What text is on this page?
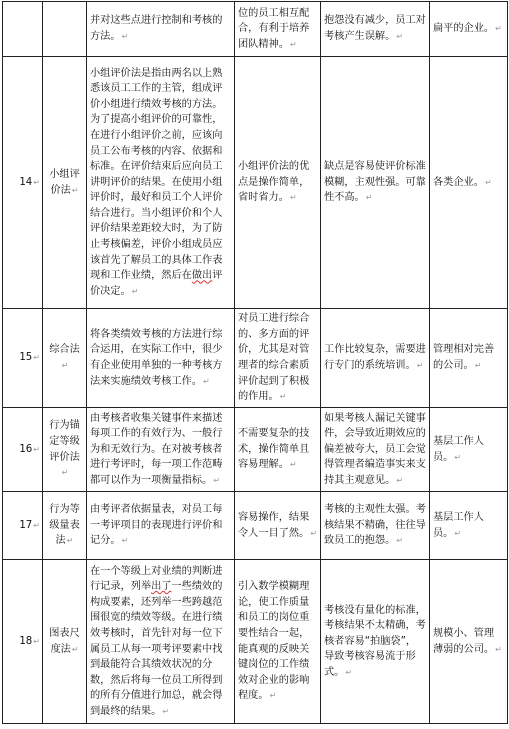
		并对这些点进行控制和考核的方法。↵	位的员工相互配合，有利于培养团队精神。↵	抱怨没有减少，员工对考核产生误解。↵	扁平的企业。↵
14↵	小组评价法↵	小组评价法是指由两名以上熟悉该员工工作的主管，组成评价小组进行绩效考核的方法。为了提高小组评价的可靠性，在进行小组评价之前，应该向员工公布考核的内容、依据和标准。在评价结束后应向员工讲明评价的结果。在使用小组评价时，最好和员工个人评价结合进行。当小组评价和个人评价结果差距较大时，为了防止考核偏差，评价小组成员应该首先了解员工的具体工作表现和工作业绩，然后在做出评价决定。↵	小组评价法的优点是操作简单，省时省力。↵	缺点是容易使评价标准模糊，主观性强。可靠性不高。↵	各类企业。↵
15↵	综合法↵	将各类绩效考核的方法进行综合运用，在实际工作中，很少有企业使用单独的一种考核方法来实施绩效考核工作。↵	对员工进行综合的、多方面的评价，尤其是对管理者的综合素质评价起到了积极的作用。↵	工作比较复杂，需要进行专门的系统培训。↵	管理相对完善的公司。↵
16↵	行为锚定等级评价法↵	由考核者收集关键事件来描述每项工作的有效行为、一般行为和无效行为。在对被考核者进行考评时，每一项工作范畴都可以作为一项衡量指标。↵	不需要复杂的技术，操作简单且容易理解。↵	如果考核人漏记关键事件，会导致近期效应的偏差被夸大，员工会觉得管理者编造事实来支持其主观意见。↵	基层工作人员。↵
17↵	行为等级量表法↵	由考评者依据量表，对员工每一考评项目的表现进行评价和记分。↵	容易操作，结果令人一目了然。↵	考核的主观性太强。考核结果不精确，往往导致员工的抱怨。↵	基层工作人员。↵
18↵	图表尺度法↵	在一个等级上对业绩的判断进行记录，列举出了一些绩效的构成要素，还列举一些跨越范围很宽的绩效等级。在进行绩效考核时，首先针对每一位下属员工从每一项考评要素中找到最能符合其绩效状况的分数，然后将每一位员工所得到的所有分值进行加总，就会得到最终的结果。↵	引入数学模糊理论，使工作质量和员工的岗位重要性结合一起，能真观的反映关键岗位的工作绩效对企业的影响程度。↵	考核没有量化的标准，考核结果不太精确，考核者容易“拍脑袋”，导致考核容易流于形式。↵	规模小、管理薄弱的公司。↵
